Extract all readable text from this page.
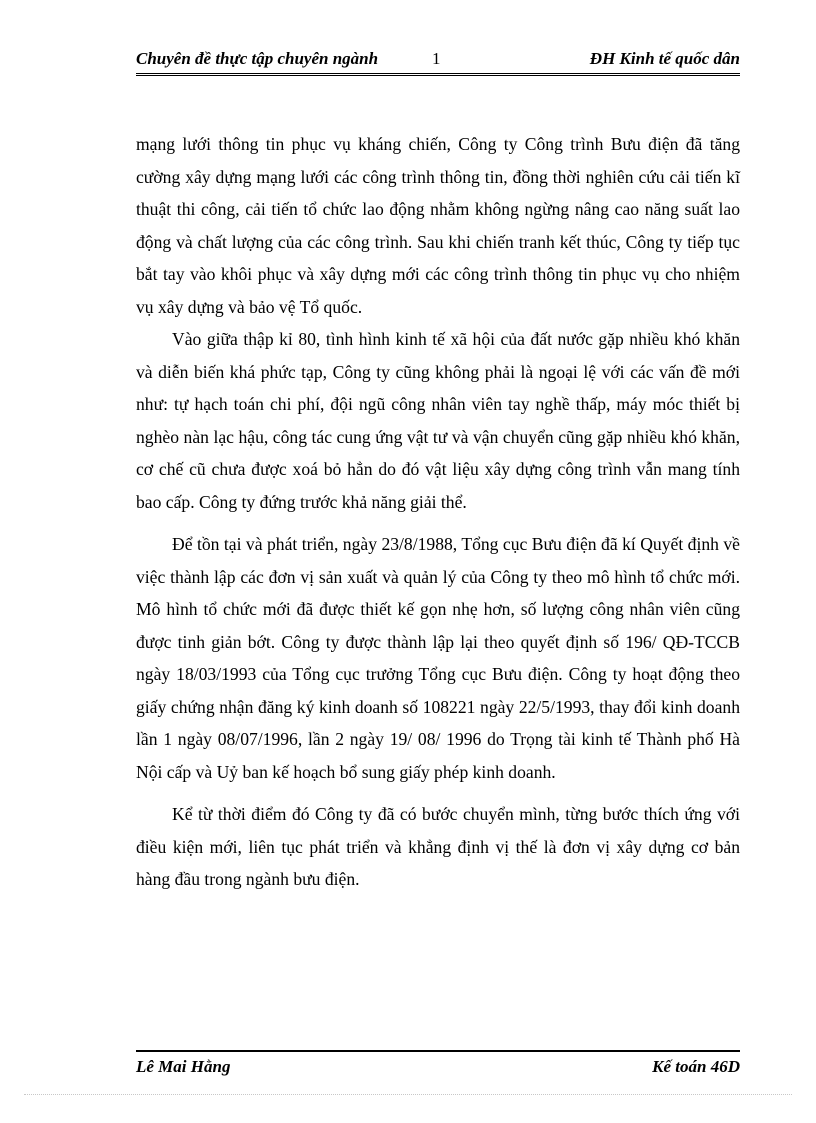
Chuyên đề thực tập chuyên ngành	1	ĐH Kinh tế quốc dân

mạng lưới thông tin phục vụ kháng chiến, Công ty Công trình Bưu điện đã tăng cường xây dựng mạng lưới các công trình thông tin, đồng thời nghiên cứu cải tiến kĩ thuật thi công, cải tiến tổ chức lao động nhằm không ngừng nâng cao năng suất lao động và chất lượng của các công trình. Sau khi chiến tranh kết thúc, Công ty tiếp tục bắt tay vào khôi phục và xây dựng mới các công trình thông tin phục vụ cho nhiệm vụ xây dựng và bảo vệ Tổ quốc.

Vào giữa thập kỉ 80, tình hình kinh tế xã hội của đất nước gặp nhiều khó khăn và diễn biến khá phức tạp, Công ty cũng không phải là ngoại lệ với các vấn đề mới như: tự hạch toán chi phí, đội ngũ công nhân viên tay nghề thấp, máy móc thiết bị nghèo nàn lạc hậu, công tác cung ứng vật tư và vận chuyển cũng gặp nhiều khó khăn, cơ chế cũ chưa được xoá bỏ hẳn do đó vật liệu xây dựng công trình vẫn mang tính bao cấp. Công ty đứng trước khả năng giải thể.

Để tồn tại và phát triển, ngày 23/8/1988, Tổng cục Bưu điện đã kí Quyết định về việc thành lập các đơn vị sản xuất và quản lý của Công ty theo mô hình tổ chức mới. Mô hình tổ chức mới đã được thiết kế gọn nhẹ hơn, số lượng công nhân viên cũng được tinh giản bớt. Công ty được thành lập lại theo quyết định số 196/ QĐ-TCCB ngày 18/03/1993 của Tổng cục trưởng Tổng cục Bưu điện. Công ty hoạt động theo giấy chứng nhận đăng ký kinh doanh số 108221 ngày 22/5/1993, thay đổi kinh doanh lần 1 ngày 08/07/1996, lần 2 ngày 19/ 08/ 1996 do Trọng tài kinh tế Thành phố Hà Nội cấp và Uỷ ban kế hoạch bổ sung giấy phép kinh doanh.

Kể từ thời điểm đó Công ty đã có bước chuyển mình, từng bước thích ứng với điều kiện mới, liên tục phát triển và khẳng định vị thế là đơn vị xây dựng cơ bản hàng đầu trong ngành bưu điện.

Lê Mai Hằng	Kế toán 46D
